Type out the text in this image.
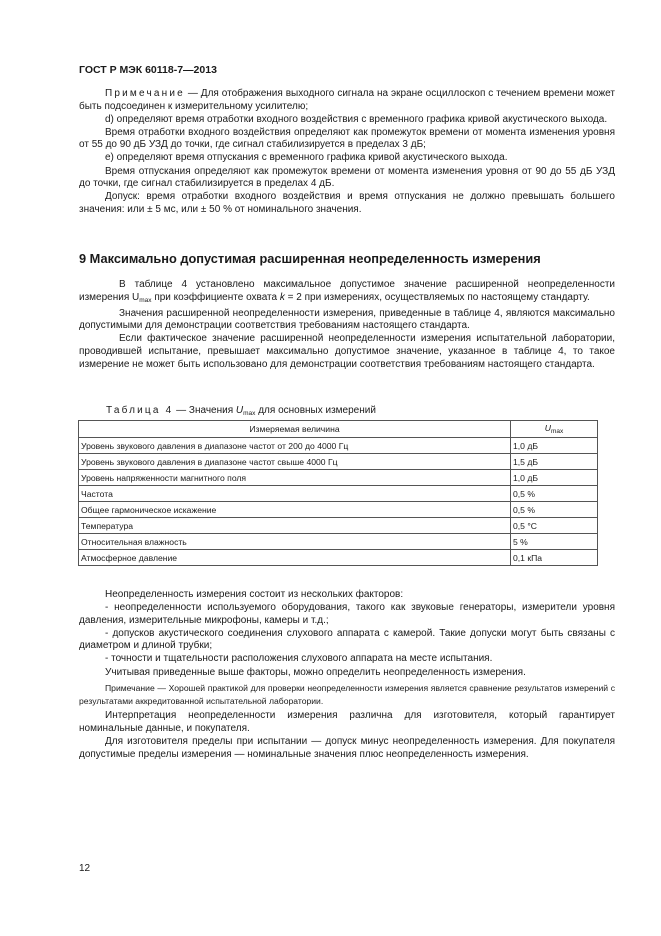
ГОСТ Р МЭК 60118-7—2013

Примечание — Для отображения выходного сигнала на экране осциллоскоп с течением времени может быть подсоединен к измерительному усилителю;

d) определяют время отработки входного воздействия с временного графика кривой акустического выхода.

Время отработки входного воздействия определяют как промежуток времени от момента изменения уровня от 55 до 90 дБ УЗД до точки, где сигнал стабилизируется в пределах 3 дБ;

е) определяют время отпускания с временного графика кривой акустического выхода.

Время отпускания определяют как промежуток времени от момента изменения уровня от 90 до 55 дБ УЗД до точки, где сигнал стабилизируется в пределах 4 дБ.

Допуск: время отработки входного воздействия и время отпускания не должно превышать большего значения: или ± 5 мс, или ± 50 % от номинального значения.

9 Максимально допустимая расширенная неопределенность измерения

В таблице 4 установлено максимальное допустимое значение расширенной неопределенности измерения $U_{max}$ при коэффициенте охвата k = 2 при измерениях, осуществляемых по настоящему стандарту.

Значения расширенной неопределенности измерения, приведенные в таблице 4, являются максимально допустимыми для демонстрации соответствия требованиям настоящего стандарта.

Если фактическое значение расширенной неопределенности измерения испытательной лаборатории, проводившей испытание, превышает максимально допустимое значение, указанное в таблице 4, то такое измерение не может быть использовано для демонстрации соответствия требованиям настоящего стандарта.

Таблица 4 — Значения $U_{max}$ для основных измерений
Измеряемая величина	$U_{max}$
Уровень звукового давления в диапазоне частот от 200 до 4000 Гц	1,0 дБ
Уровень звукового давления в диапазоне частот свыше 4000 Гц	1,5 дБ
Уровень напряженности магнитного поля	1,0 дБ
Частота	0,5 %
Общее гармоническое искажение	0,5 %
Температура	0,5 °С
Относительная влажность	5 %
Атмосферное давление	0,1 кПа

Неопределенность измерения состоит из нескольких факторов:

- неопределенности используемого оборудования, такого как звуковые генераторы, измерители уровня давления, измерительные микрофоны, камеры и т.д.;

- допусков акустического соединения слухового аппарата с камерой. Такие допуски могут быть связаны с диаметром и длиной трубки;

- точности и тщательности расположения слухового аппарата на месте испытания.

Учитывая приведенные выше факторы, можно определить неопределенность измерения.

Примечание — Хорошей практикой для проверки неопределенности измерения является сравнение результатов измерений с результатами аккредитованной испытательной лаборатории.

Интерпретация неопределенности измерения различна для изготовителя, который гарантирует номинальные данные, и покупателя.

Для изготовителя пределы при испытании — допуск минус неопределенность измерения. Для покупателя допустимые пределы измерения — номинальные значения плюс неопределенность измерения.

12
